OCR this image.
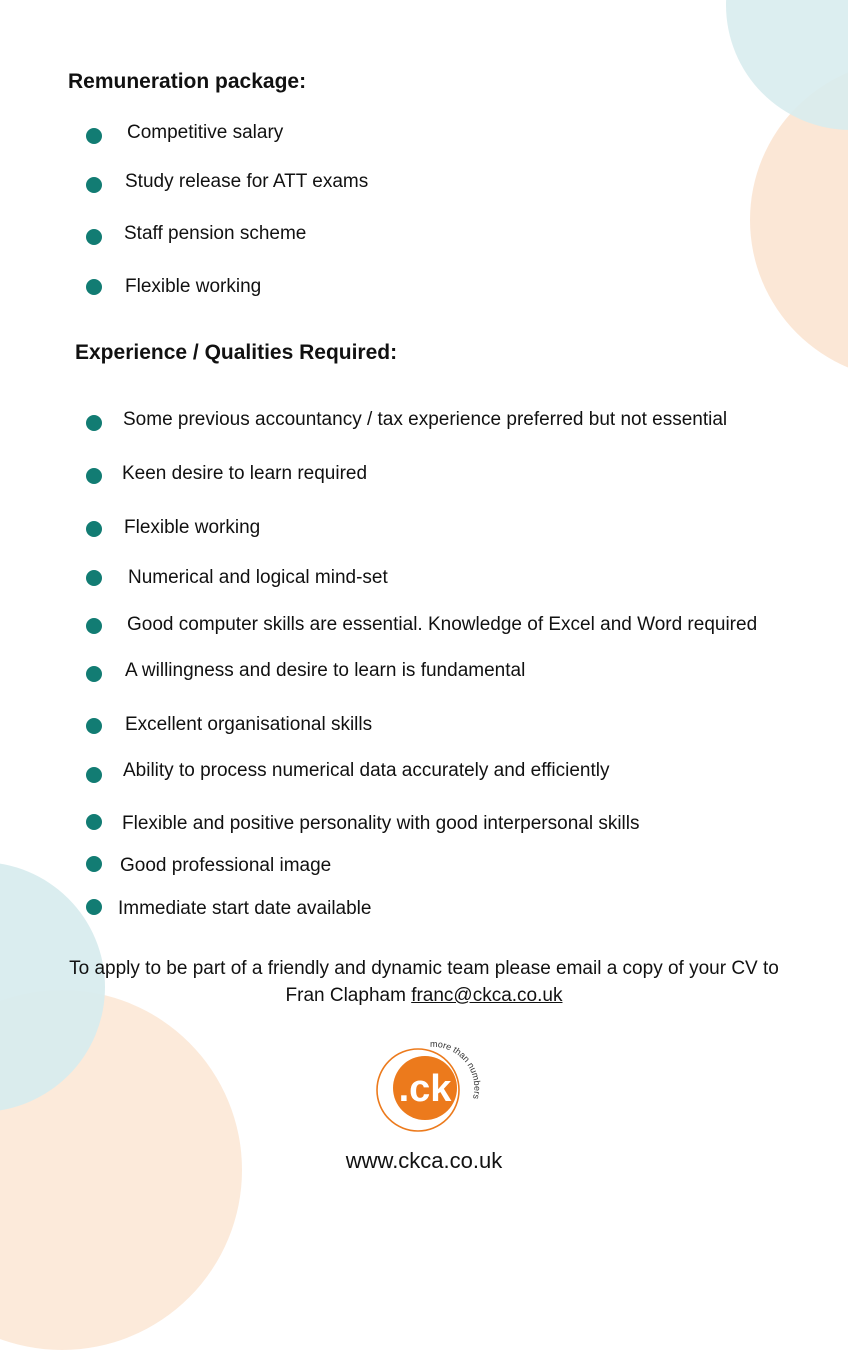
Remuneration package:
Competitive salary
Study release for ATT exams
Staff pension scheme
Flexible working
Experience / Qualities Required:
Some previous accountancy / tax experience preferred but not essential
Keen desire to learn required
Flexible working
Numerical and logical mind-set
Good computer skills are essential. Knowledge of Excel and Word required
A willingness and desire to learn is fundamental
Excellent organisational skills
Ability to process numerical data accurately and efficiently
Flexible and positive personality with good interpersonal skills
Good professional image
Immediate start date available
To apply to be part of a friendly and dynamic team please email a copy of your CV to
Fran Clapham franc@ckca.co.uk
.ck
more than numbers
www.ckca.co.uk
